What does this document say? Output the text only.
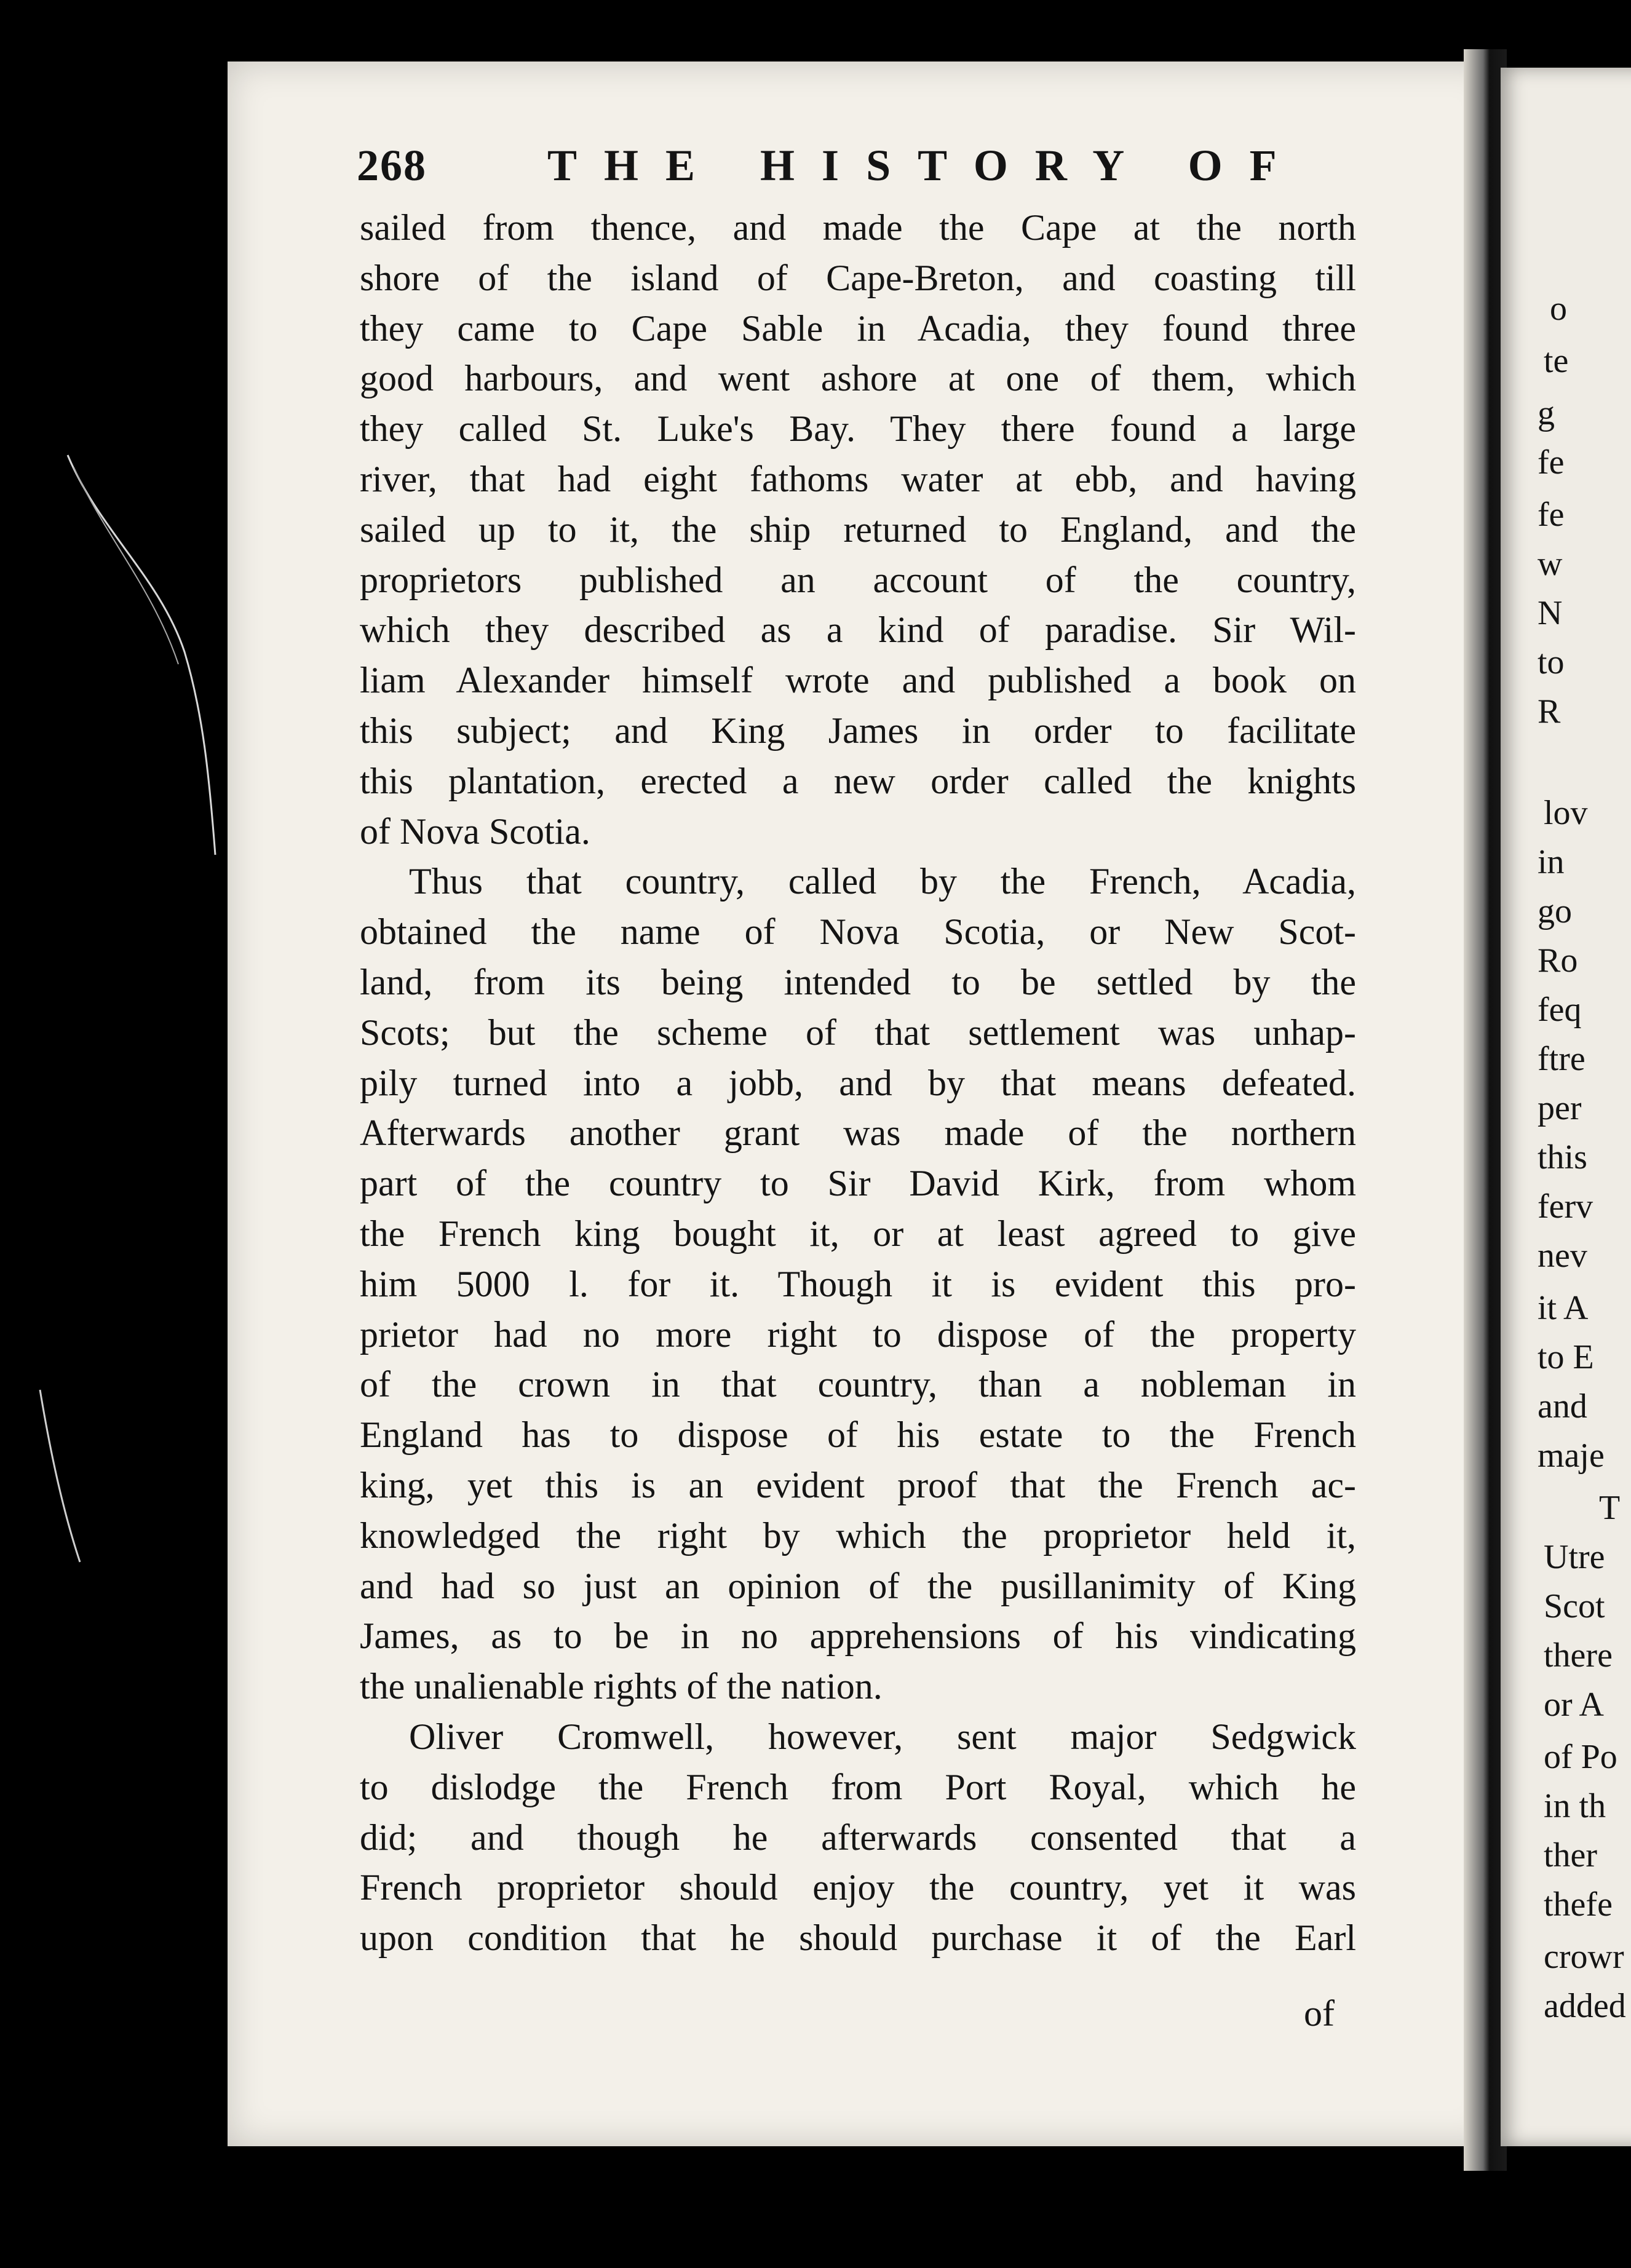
268	THE HISTORY OF

sailed from thence, and made the Cape at the north
shore of the island of Cape-Breton, and coasting till
they came to Cape Sable in Acadia, they found three
good harbours, and went ashore at one of them, which
they called St. Luke's Bay. They there found a large
river, that had eight fathoms water at ebb, and having
sailed up to it, the ship returned to England, and the
proprietors published an account of the country,
which they described as a kind of paradise. Sir Wil-
liam Alexander himself wrote and published a book on
this subject; and King James in order to facilitate
this plantation, erected a new order called the knights

of Nova Scotia.

Thus that country, called by the French, Acadia,
obtained the name of Nova Scotia, or New Scot-
land, from its being intended to be settled by the
Scots; but the scheme of that settlement was unhap-
pily turned into a jobb, and by that means defeated.
Afterwards another grant was made of the northern
part of the country to Sir David Kirk, from whom
the French king bought it, or at least agreed to give
him 5000 l. for it. Though it is evident this pro-
prietor had no more right to dispose of the property
of the crown in that country, than a nobleman in
England has to dispose of his estate to the French
king, yet this is an evident proof that the French ac-
knowledged the right by which the proprietor held it,
and had so just an opinion of the pusillanimity of King
James, as to be in no apprehensions of his vindicating

the unalienable rights of the nation.

Oliver Cromwell, however, sent major Sedgwick
to dislodge the French from Port Royal, which he
did; and though he afterwards consented that a
French proprietor should enjoy the country, yet it was
upon condition that he should purchase it of the Earl

of
o
te
g
fe
fe
w
N
to
R
lov
in
go
Ro
feq
ftre
per
this
ferv
nev
it A
to E
and
maje
T
Utre
Scot
there
or A
of Po
in th
ther
thefe
crowr
added
